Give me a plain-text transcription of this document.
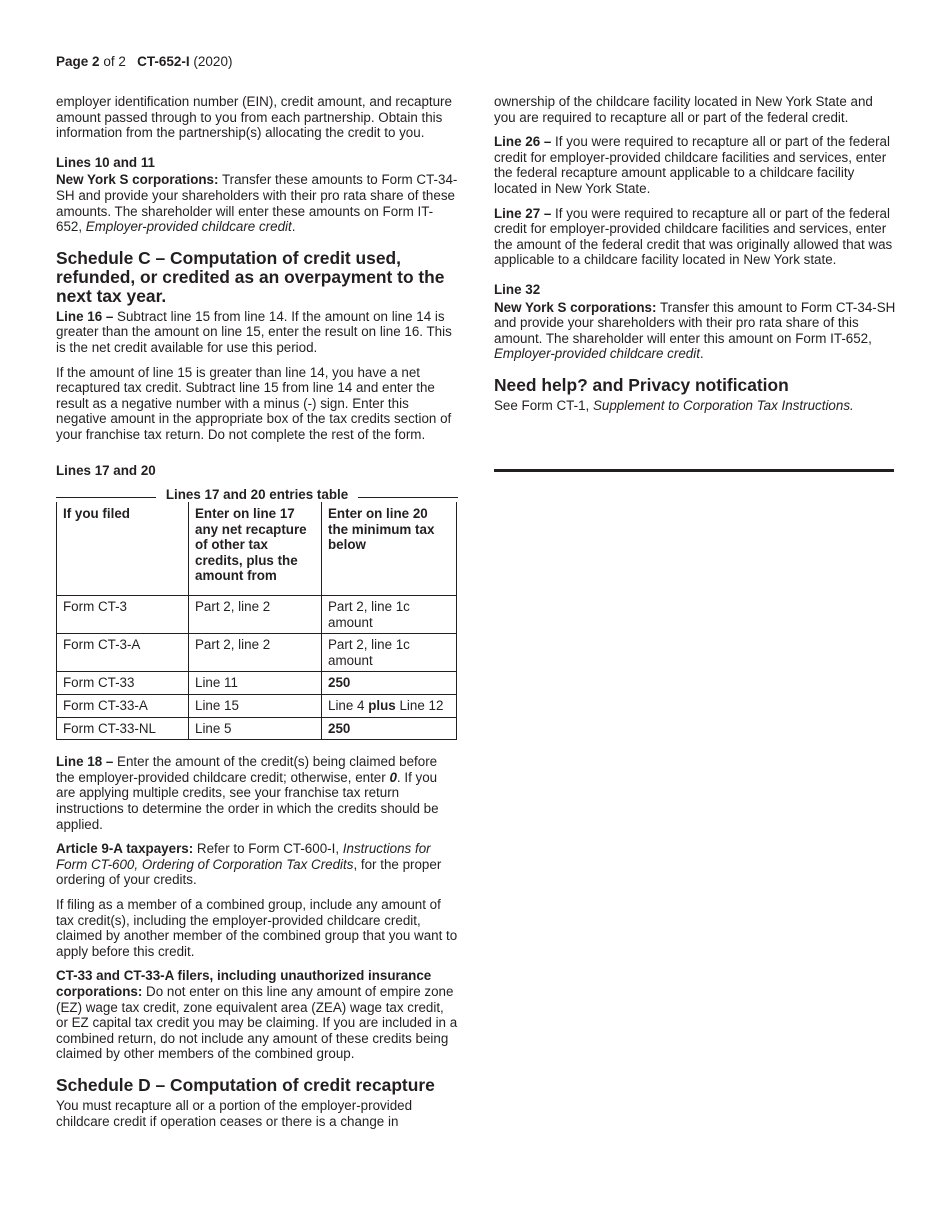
Page 2 of 2 CT-652-I (2020)

employer identification number (EIN), credit amount, and recapture amount passed through to you from each partnership. Obtain this information from the partnership(s) allocating the credit to you.

Lines 10 and 11

New York S corporations: Transfer these amounts to Form CT-34-SH and provide your shareholders with their pro rata share of these amounts. The shareholder will enter these amounts on Form IT-652, Employer-provided childcare credit.

Schedule C – Computation of credit used, refunded, or credited as an overpayment to the next tax year.

Line 16 – Subtract line 15 from line 14. If the amount on line 14 is greater than the amount on line 15, enter the result on line 16. This is the net credit available for use this period.

If the amount of line 15 is greater than line 14, you have a net recaptured tax credit. Subtract line 15 from line 14 and enter the result as a negative number with a minus (-) sign. Enter this negative amount in the appropriate box of the tax credits section of your franchise tax return. Do not complete the rest of the form.

Lines 17 and 20
Lines 17 and 20 entries table
If you filed	Enter on line 17 any net recapture of other tax credits, plus the amount from	Enter on line 20 the minimum tax below
Form CT-3	Part 2, line 2	Part 2, line 1c amount
Form CT-3-A	Part 2, line 2	Part 2, line 1c amount
Form CT-33	Line 11	250
Form CT-33-A	Line 15	Line 4 plus Line 12
Form CT-33-NL	Line 5	250

Line 18 – Enter the amount of the credit(s) being claimed before the employer-provided childcare credit; otherwise, enter 0. If you are applying multiple credits, see your franchise tax return instructions to determine the order in which the credits should be applied.

Article 9-A taxpayers: Refer to Form CT-600-I, Instructions for Form CT-600, Ordering of Corporation Tax Credits, for the proper ordering of your credits.

If filing as a member of a combined group, include any amount of tax credit(s), including the employer-provided childcare credit, claimed by another member of the combined group that you want to apply before this credit.

CT-33 and CT-33-A filers, including unauthorized insurance corporations: Do not enter on this line any amount of empire zone (EZ) wage tax credit, zone equivalent area (ZEA) wage tax credit, or EZ capital tax credit you may be claiming. If you are included in a combined return, do not include any amount of these credits being claimed by other members of the combined group.

Schedule D – Computation of credit recapture

You must recapture all or a portion of the employer-provided childcare credit if operation ceases or there is a change in

ownership of the childcare facility located in New York State and you are required to recapture all or part of the federal credit.

Line 26 – If you were required to recapture all or part of the federal credit for employer-provided childcare facilities and services, enter the federal recapture amount applicable to a childcare facility located in New York State.

Line 27 – If you were required to recapture all or part of the federal credit for employer-provided childcare facilities and services, enter the amount of the federal credit that was originally allowed that was applicable to a childcare facility located in New York state.

Line 32

New York S corporations: Transfer this amount to Form CT-34-SH and provide your shareholders with their pro rata share of this amount. The shareholder will enter this amount on Form IT-652, Employer-provided childcare credit.

Need help? and Privacy notification

See Form CT-1, Supplement to Corporation Tax Instructions.
